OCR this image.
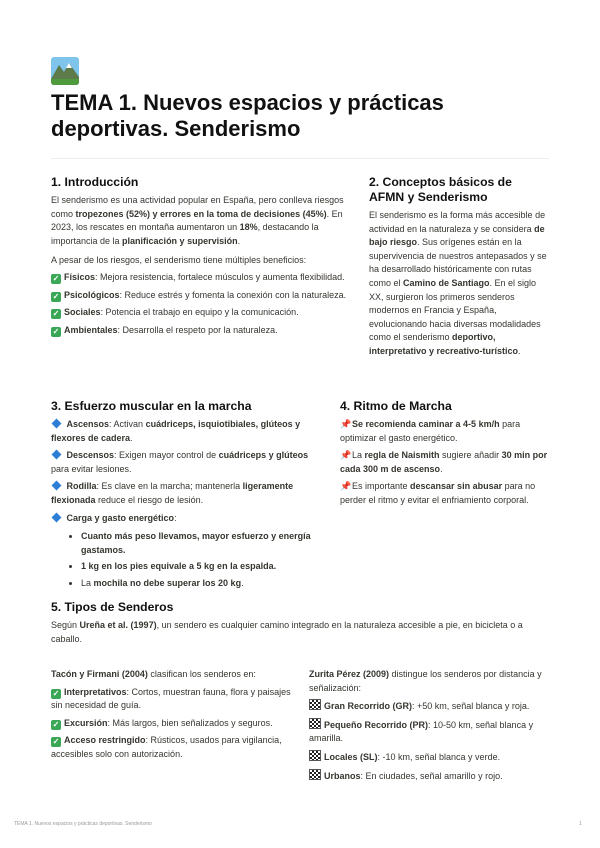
TEMA 1. Nuevos espacios y prácticas deportivas. Senderismo
1. Introducción

El senderismo es una actividad popular en España, pero conlleva riesgos como tropezones (52%) y errores en la toma de decisiones (45%). En 2023, los rescates en montaña aumentaron un 18%, destacando la importancia de la planificación y supervisión.

A pesar de los riesgos, el senderismo tiene múltiples beneficios:

✓ Físicos: Mejora resistencia, fortalece músculos y aumenta flexibilidad.

✓ Psicológicos: Reduce estrés y fomenta la conexión con la naturaleza.

✓ Sociales: Potencia el trabajo en equipo y la comunicación.

✓ Ambientales: Desarrolla el respeto por la naturaleza.

2. Conceptos básicos de AFMN y Senderismo

El senderismo es la forma más accesible de actividad en la naturaleza y se considera de bajo riesgo. Sus orígenes están en la supervivencia de nuestros antepasados y se ha desarrollado históricamente con rutas como el Camino de Santiago. En el siglo XX, surgieron los primeros senderos modernos en Francia y España, evolucionando hacia diversas modalidades como el senderismo deportivo, interpretativo y recreativo-turístico.

3. Esfuerzo muscular en la marcha

Ascensos: Activan cuádriceps, isquiotibiales, glúteos y flexores de cadera.

Descensos: Exigen mayor control de cuádriceps y glúteos para evitar lesiones.

Rodilla: Es clave en la marcha; mantenerla ligeramente flexionada reduce el riesgo de lesión.

Carga y gasto energético:

• Cuanto más peso llevamos, mayor esfuerzo y energía gastamos.
• 1 kg en los pies equivale a 5 kg en la espalda.
• La mochila no debe superar los 20 kg.
4. Ritmo de Marcha

📌Se recomienda caminar a 4-5 km/h para optimizar el gasto energético.

📌La regla de Naismith sugiere añadir 30 min por cada 300 m de ascenso.

📌Es importante descansar sin abusar para no perder el ritmo y evitar el enfriamiento corporal.

5. Tipos de Senderos

Según Ureña et al. (1997), un sendero es cualquier camino integrado en la naturaleza accesible a pie, en bicicleta o a caballo.

Tacón y Firmani (2004) clasifican los senderos en:

✓ Interpretativos: Cortos, muestran fauna, flora y paisajes sin necesidad de guía.

✓ Excursión: Más largos, bien señalizados y seguros.

✓ Acceso restringido: Rústicos, usados para vigilancia, accesibles solo con autorización.

Zurita Pérez (2009) distingue los senderos por distancia y señalización:

Gran Recorrido (GR): +50 km, señal blanca y roja.

Pequeño Recorrido (PR): 10-50 km, señal blanca y amarilla.

Locales (SL): -10 km, señal blanca y verde.

Urbanos: En ciudades, señal amarillo y rojo.

TEMA 1. Nuevos espacios y prácticas deportivas. Senderismo	1
